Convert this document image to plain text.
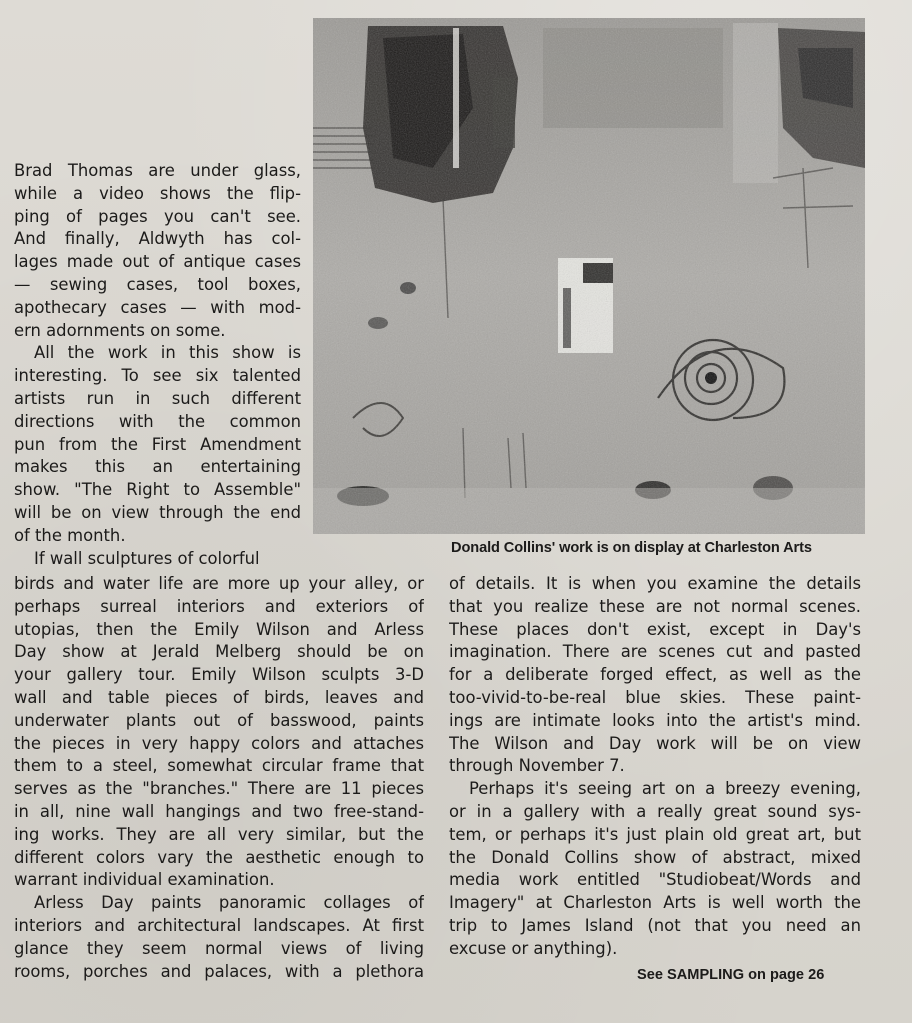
Brad Thomas are under glass,
while a video shows the flip-
ping of pages you can't see.
And finally, Aldwyth has col-
lages made out of antique cases
— sewing cases, tool boxes,
apothecary cases — with mod-
ern adornments on some.
All the work in this show is
interesting. To see six talented
artists run in such different
directions with the common
pun from the First Amendment
makes this an entertaining
show. "The Right to Assemble"
will be on view through the end
of the month.
If wall sculptures of colorful
Donald Collins' work is on display at Charleston Arts
birds and water life are more up your alley, or
perhaps surreal interiors and exteriors of
utopias, then the Emily Wilson and Arless
Day show at Jerald Melberg should be on
your gallery tour. Emily Wilson sculpts 3-D
wall and table pieces of birds, leaves and
underwater plants out of basswood, paints
the pieces in very happy colors and attaches
them to a steel, somewhat circular frame that
serves as the "branches." There are 11 pieces
in all, nine wall hangings and two free-stand-
ing works. They are all very similar, but the
different colors vary the aesthetic enough to
warrant individual examination.
Arless Day paints panoramic collages of
interiors and architectural landscapes. At first
glance they seem normal views of living
rooms, porches and palaces, with a plethora
of details. It is when you examine the details
that you realize these are not normal scenes.
These places don't exist, except in Day's
imagination. There are scenes cut and pasted
for a deliberate forged effect, as well as the
too-vivid-to-be-real blue skies. These paint-
ings are intimate looks into the artist's mind.
The Wilson and Day work will be on view
through November 7.
Perhaps it's seeing art on a breezy evening,
or in a gallery with a really great sound sys-
tem, or perhaps it's just plain old great art, but
the Donald Collins show of abstract, mixed
media work entitled "Studiobeat/Words and
Imagery" at Charleston Arts is well worth the
trip to James Island (not that you need an
excuse or anything).
See SAMPLING on page 26
